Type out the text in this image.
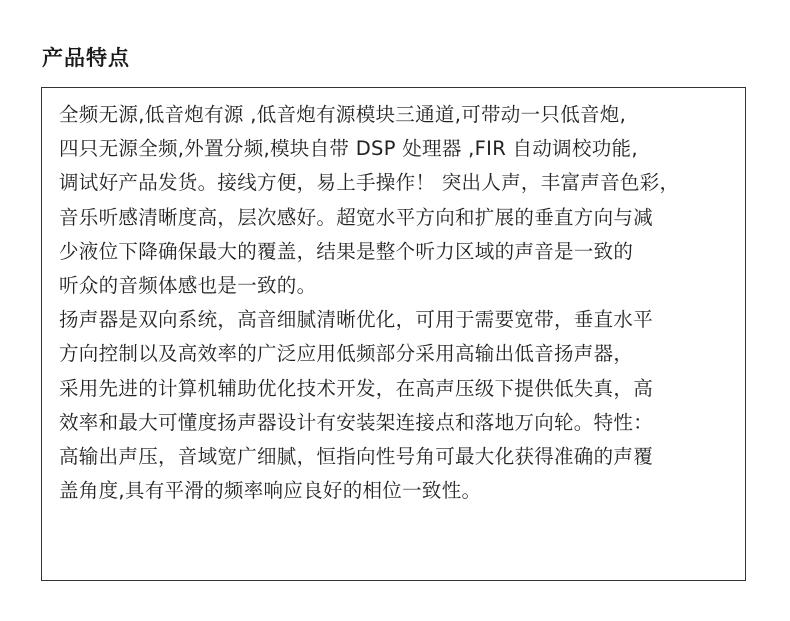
产品特点

全频无源,低音炮有源 ,低音炮有源模块三通道,可带动一只低音炮,
四只无源全频,外置分频,模块自带 DSP 处理器 ,FIR 自动调校功能,
调试好产品发货。接线方便，易上手操作！ 突出人声，丰富声音色彩，
音乐听感清晰度高，层次感好。超宽水平方向和扩展的垂直方向与减
少液位下降确保最大的覆盖，结果是整个听力区域的声音是一致的
听众的音频体感也是一致的。

扬声器是双向系统，高音细腻清晰优化，可用于需要宽带，垂直水平
方向控制以及高效率的广泛应用低频部分采用高输出低音扬声器，
采用先进的计算机辅助优化技术开发，在高声压级下提供低失真，高
效率和最大可懂度扬声器设计有安装架连接点和落地万向轮。特性：
高输出声压，音域宽广细腻，恒指向性号角可最大化获得准确的声覆
盖角度,具有平滑的频率响应良好的相位一致性。
